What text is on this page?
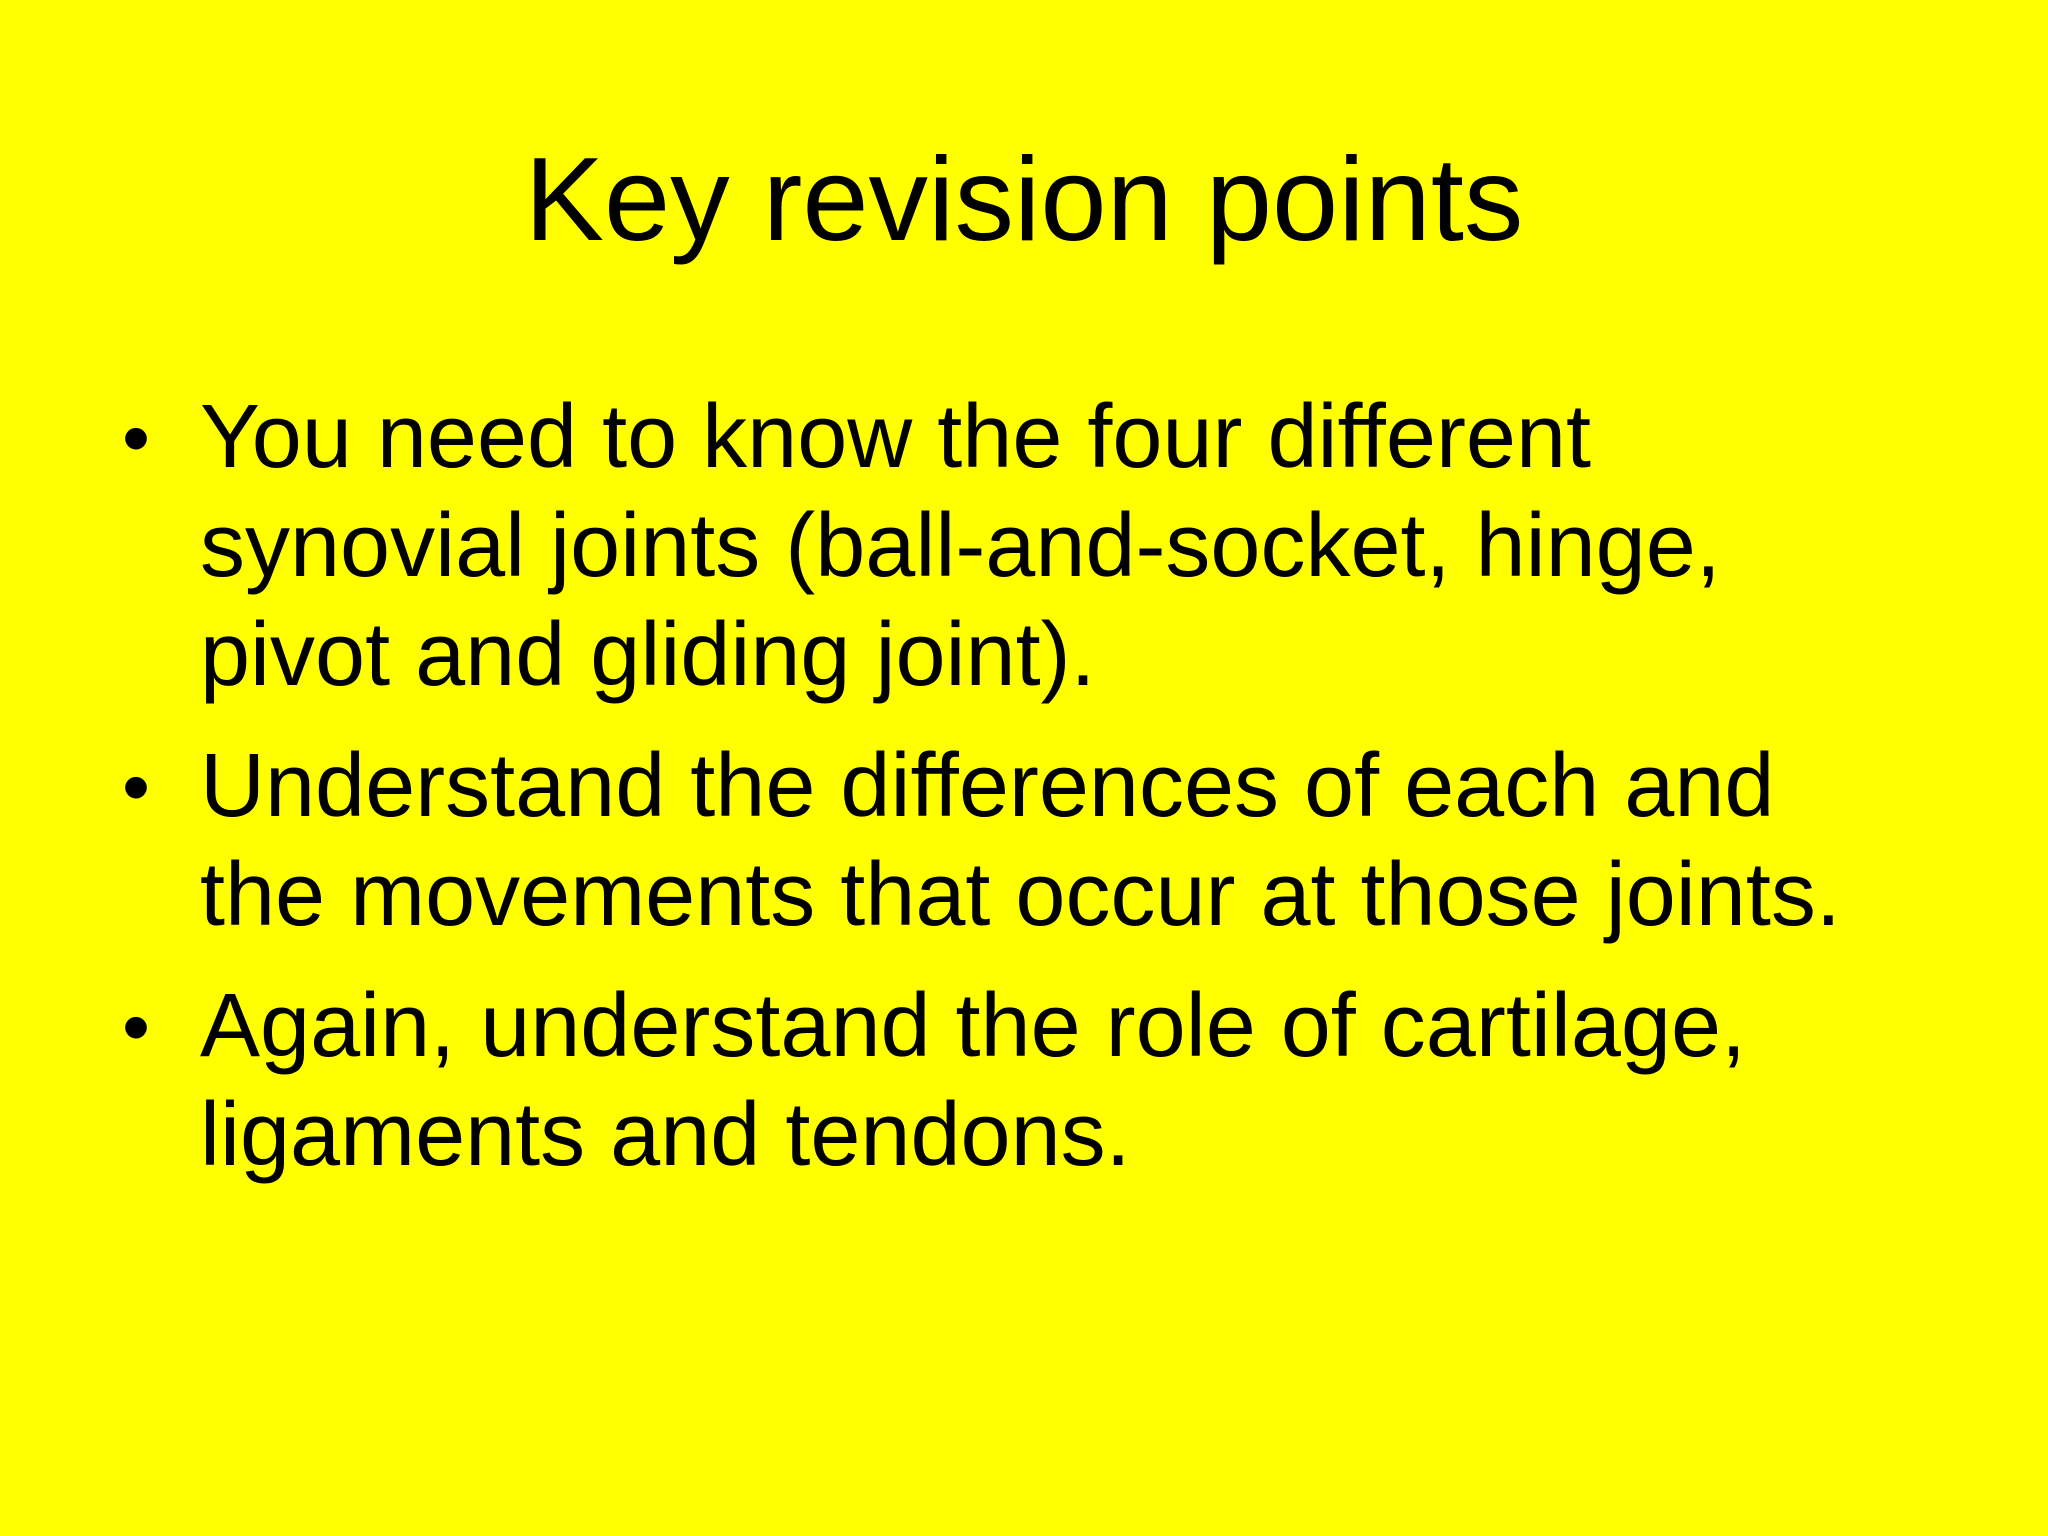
Key revision points
• You need to know the four different synovial joints (ball-and-socket, hinge, pivot and gliding joint).
• Understand the differences of each and the movements that occur at those joints.
• Again, understand the role of cartilage, ligaments and tendons.
